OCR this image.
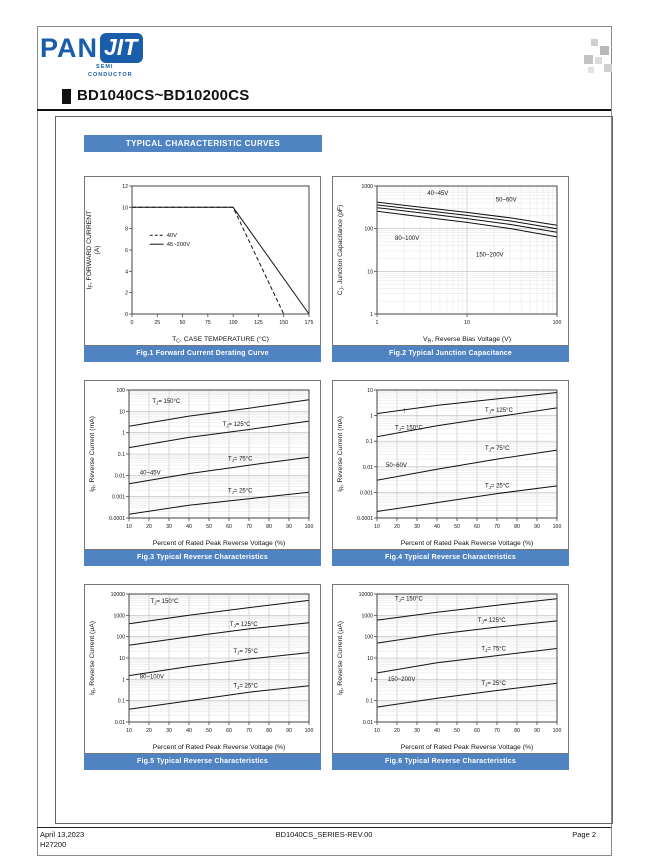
PAN JIT
SEMI
CONDUCTOR
BD1040CS~BD10200CS
TYPICAL CHARACTERISTIC CURVES
0	25	50	75	100	125	150	175
0
2
4
6
8
10
12
$T_C$, CASE TEMPERATURE (°C)
$I_F$, FORWARD CURRENT (A)
40V
45~200V
Fig.1 Forward Current Derating Curve
1	10	100
1
10
100
1000
$V_R$, Reverse Bias Voltage (V)
$C_J$, Junction Capacitance (pF)
40~45V
50~60V
80~100V
150~200V
Fig.2 Typical Junction Capacitance
10	20	30	40	50	60	70	80	90 100
0.0001
0.001
0.01
0.1
1
10
100
Percent of Rated Peak Reverse Voltage (%)
$I_R$, Reverse Current (mA)
$T_J= 150^\circ C$
$T_J= 125^\circ C$
$T_J= 75^\circ C$
$T_J= 25^\circ C$
40~45V
Fig.3 Typical Reverse Characteristics
10	20	30	40	50	60	70	80	90 100
0.0001
0.001
0.01
0.1
1
10
Percent of Rated Peak Reverse Voltage (%)
$I_R$, Reverse Current (mA)
↑
$T_J= 150^\circ C$
$T_J= 125^\circ C$
$T_J= 75^\circ C$
$T_J= 25^\circ C$
50~60V
Fig.4 Typical Reverse Characteristics
10	20	30	40	50	60	70	80	90 100
0.01
0.1
1
10
100
1000
10000
Percent of Rated Peak Reverse Voltage (%)
$I_R$, Reverse Current (μA)
$T_J= 150^\circ C$
$T_J= 125^\circ C$
$T_J= 75^\circ C$
$T_J= 25^\circ C$
80~100V
Fig.5 Typical Reverse Characteristics
10	20	30	40	50	60	70	80	90 100
0.01
0.1
1
10
100
1000
10000
Percent of Rated Peak Reverse Voltage (%)
$I_R$, Reverse Current (μA)
$T_J= 150^\circ C$
$T_J= 125^\circ C$
$T_J= 75^\circ C$
$T_J= 25^\circ C$
150~200V
Fig.6 Typical Reverse Characteristics
April 13,2023
H27200
BD1040CS_SERIES-REV.00	Page 2
